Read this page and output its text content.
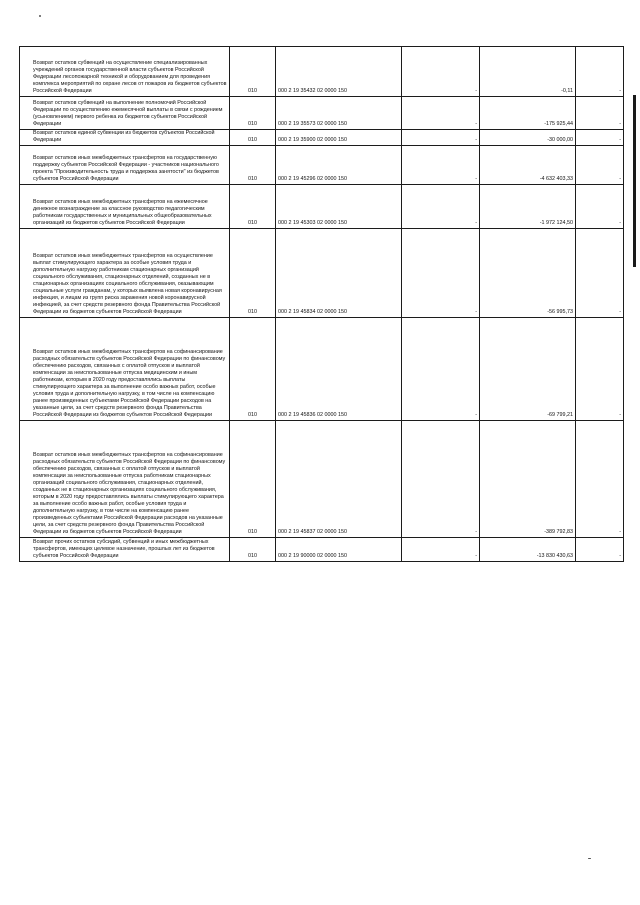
Возврат остатков субвенций на осуществление специализированных учреждений органов государственной власти субъектов Российской Федерации лесопожарной техникой и оборудованием для проведения комплекса мероприятий по охране лесов от пожаров из бюджетов субъектов Российской Федерации	010	000 2 19 35432 02 0000 150	-	-0,11	-
Возврат остатков субвенций на выполнение полномочий Российской Федерации по осуществлению ежемесячной выплаты в связи с рождением (усыновлением) первого ребенка из бюджетов субъектов Российской Федерации	010	000 2 19 35573 02 0000 150	-	-175 925,44	-
Возврат остатков единой субвенции из бюджетов субъектов Российской Федерации	010	000 2 19 35900 02 0000 150	-	-30 000,00	-
Возврат остатков иных межбюджетных трансфертов на государственную поддержку субъектов Российской Федерации - участников национального проекта "Производительность труда и поддержка занятости" из бюджетов субъектов Российской Федерации	010	000 2 19 45296 02 0000 150	-	-4 632 403,33	-
Возврат остатков иных межбюджетных трансфертов на ежемесячное денежное вознаграждение за классное руководство педагогическим работникам государственных и муниципальных общеобразовательных организаций из бюджетов субъектов Российской Федерации	010	000 2 19 45303 02 0000 150	-	-1 972 124,50	-
Возврат остатков иных межбюджетных трансфертов на осуществление выплат стимулирующего характера за особые условия труда и дополнительную нагрузку работникам стационарных организаций социального обслуживания, стационарных отделений, созданных не в стационарных организациях социального обслуживания, оказывающим социальные услуги гражданам, у которых выявлена новая коронавирусная инфекция, и лицам из групп риска заражения новой коронавирусной инфекцией, за счет средств резервного фонда Правительства Российской Федерации из бюджетов субъектов Российской Федерации	010	000 2 19 45834 02 0000 150	-	-56 995,73	-
Возврат остатков иных межбюджетных трансфертов на софинансирование расходных обязательств субъектов Российской Федерации по финансовому обеспечению расходов, связанных с оплатой отпусков и выплатой компенсации за неиспользованные отпуска медицинским и иным работникам, которым в 2020 году предоставлялись выплаты стимулирующего характера за выполнение особо важных работ, особые условия труда и дополнительную нагрузку, в том числе на компенсацию ранее произведенных субъектами Российской Федерации расходов на указанные цели, за счет средств резервного фонда Правительства Российской Федерации из бюджетов субъектов Российской Федерации	010	000 2 19 45836 02 0000 150	-	-69 799,21	-
Возврат остатков иных межбюджетных трансфертов на софинансирование расходных обязательств субъектов Российской Федерации по финансовому обеспечению расходов, связанных с оплатой отпусков и выплатой компенсации за неиспользованные отпуска работникам стационарных организаций социального обслуживания, стационарных отделений, созданных не в стационарных организациях социального обслуживания, которым в 2020 году предоставлялись выплаты стимулирующего характера за выполнение особо важных работ, особые условия труда и дополнительную нагрузку, в том числе на компенсацию ранее произведенных субъектами Российской Федерации расходов на указанные цели, за счет средств резервного фонда Правительства Российской Федерации из бюджетов субъектов Российской Федерации	010	000 2 19 45837 02 0000 150	-	-389 792,83	-
Возврат прочих остатков субсидий, субвенций и иных межбюджетных трансфертов, имеющих целевое назначение, прошлых лет из бюджетов субъектов Российской Федерации	010	000 2 19 90000 02 0000 150	-	-13 830 430,63	-
